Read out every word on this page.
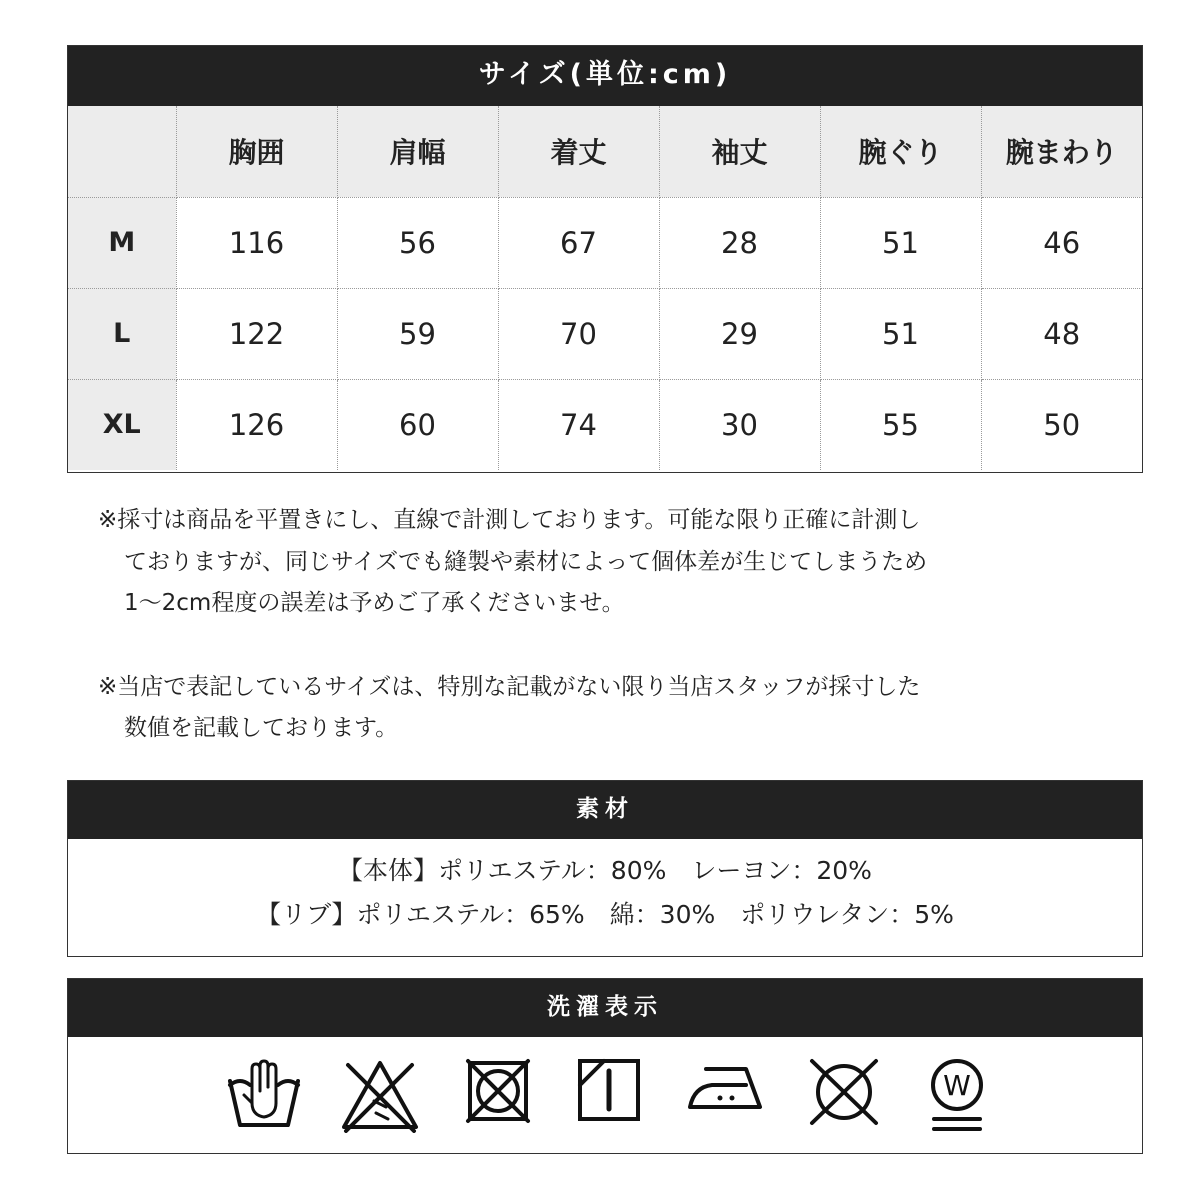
サイズ(単位:cm)
	胸囲	肩幅	着丈	袖丈	腕ぐり	腕まわり
M	116	56	67	28	51	46
L	122	59	70	29	51	48
XL	126	60	74	30	55	50

※採寸は商品を平置きにし、直線で計測しております。可能な限り正確に計測し

ておりますが、同じサイズでも縫製や素材によって個体差が生じてしまうため

1〜2cm程度の誤差は予めご了承くださいませ。

※当店で表記しているサイズは、特別な記載がない限り当店スタッフが採寸した

数値を記載しております。

素材

【本体】ポリエステル：80%　レーヨン：20%

【リブ】ポリエステル：65%　綿：30%　ポリウレタン：5%

洗濯表示
W
